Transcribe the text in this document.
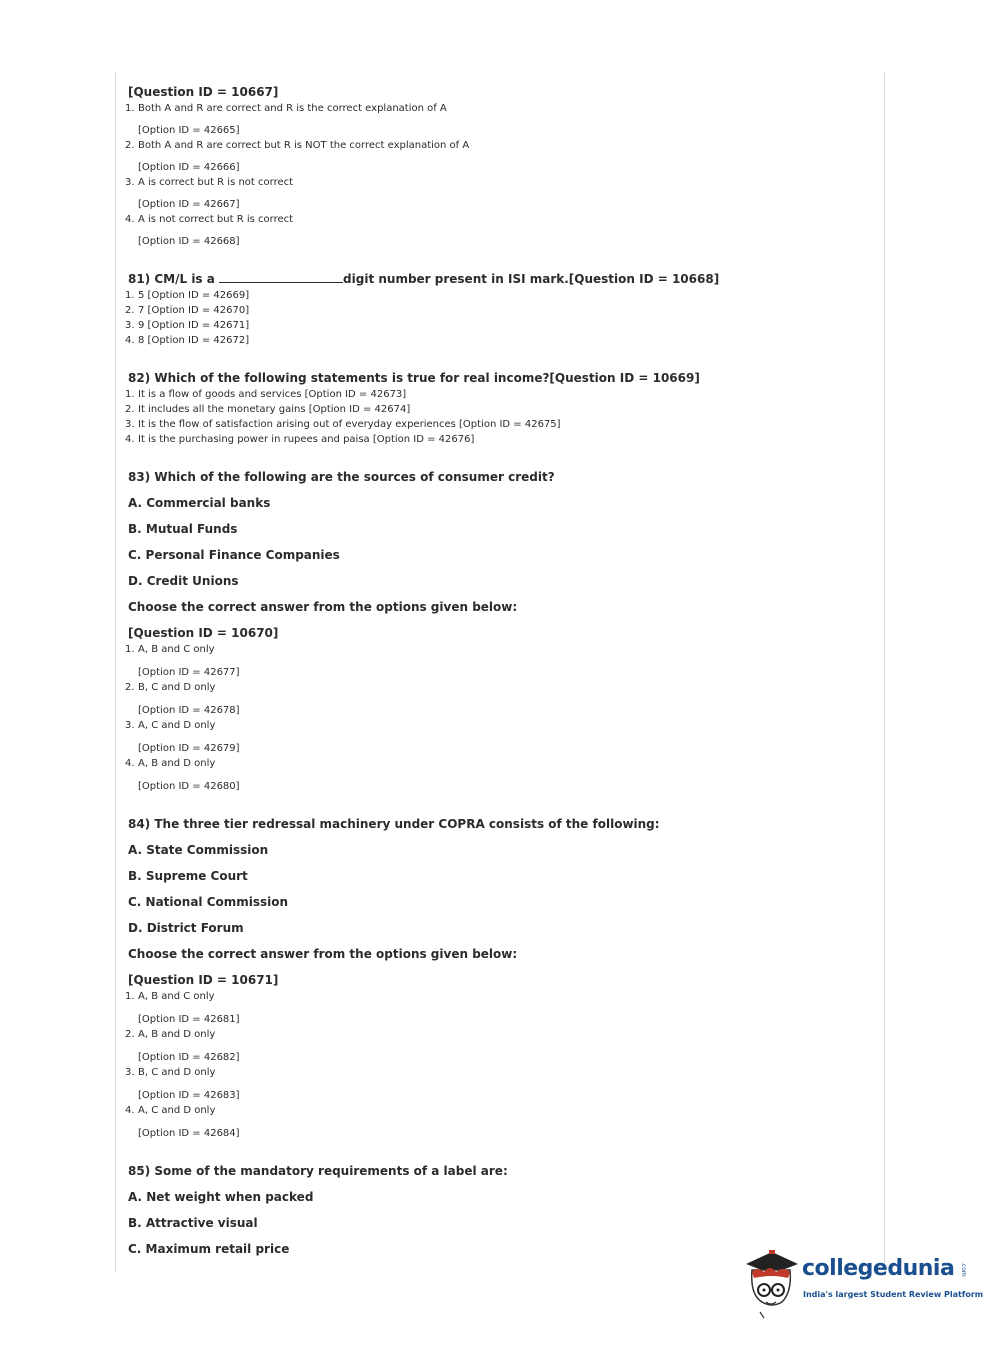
[Question ID = 10667]

1. Both A and R are correct and R is the correct explanation of A
[Option ID = 42665]
2. Both A and R are correct but R is NOT the correct explanation of A
[Option ID = 42666]
3. A is correct but R is not correct
[Option ID = 42667]
4. A is not correct but R is correct
[Option ID = 42668]

81) CM/L is a	digit number present in ISI mark.[Question ID = 10668]

1. 5 [Option ID = 42669]
2. 7 [Option ID = 42670]
3. 9 [Option ID = 42671]
4. 8 [Option ID = 42672]

82) Which of the following statements is true for real income?[Question ID = 10669]

1. It is a flow of goods and services [Option ID = 42673]
2. It includes all the monetary gains [Option ID = 42674]
3. It is the flow of satisfaction arising out of everyday experiences [Option ID = 42675]
4. It is the purchasing power in rupees and paisa [Option ID = 42676]

83) Which of the following are the sources of consumer credit?

A. Commercial banks

B. Mutual Funds

C. Personal Finance Companies

D. Credit Unions

Choose the correct answer from the options given below:

[Question ID = 10670]

1. A, B and C only
[Option ID = 42677]
2. B, C and D only
[Option ID = 42678]
3. A, C and D only
[Option ID = 42679]
4. A, B and D only
[Option ID = 42680]

84) The three tier redressal machinery under COPRA consists of the following:

A. State Commission

B. Supreme Court

C. National Commission

D. District Forum

Choose the correct answer from the options given below:

[Question ID = 10671]

1. A, B and C only
[Option ID = 42681]
2. A, B and D only
[Option ID = 42682]
3. B, C and D only
[Option ID = 42683]
4. A, C and D only
[Option ID = 42684]

85) Some of the mandatory requirements of a label are:

A. Net weight when packed

B. Attractive visual

C. Maximum retail price

collegedunia .com
India's largest Student Review Platform
